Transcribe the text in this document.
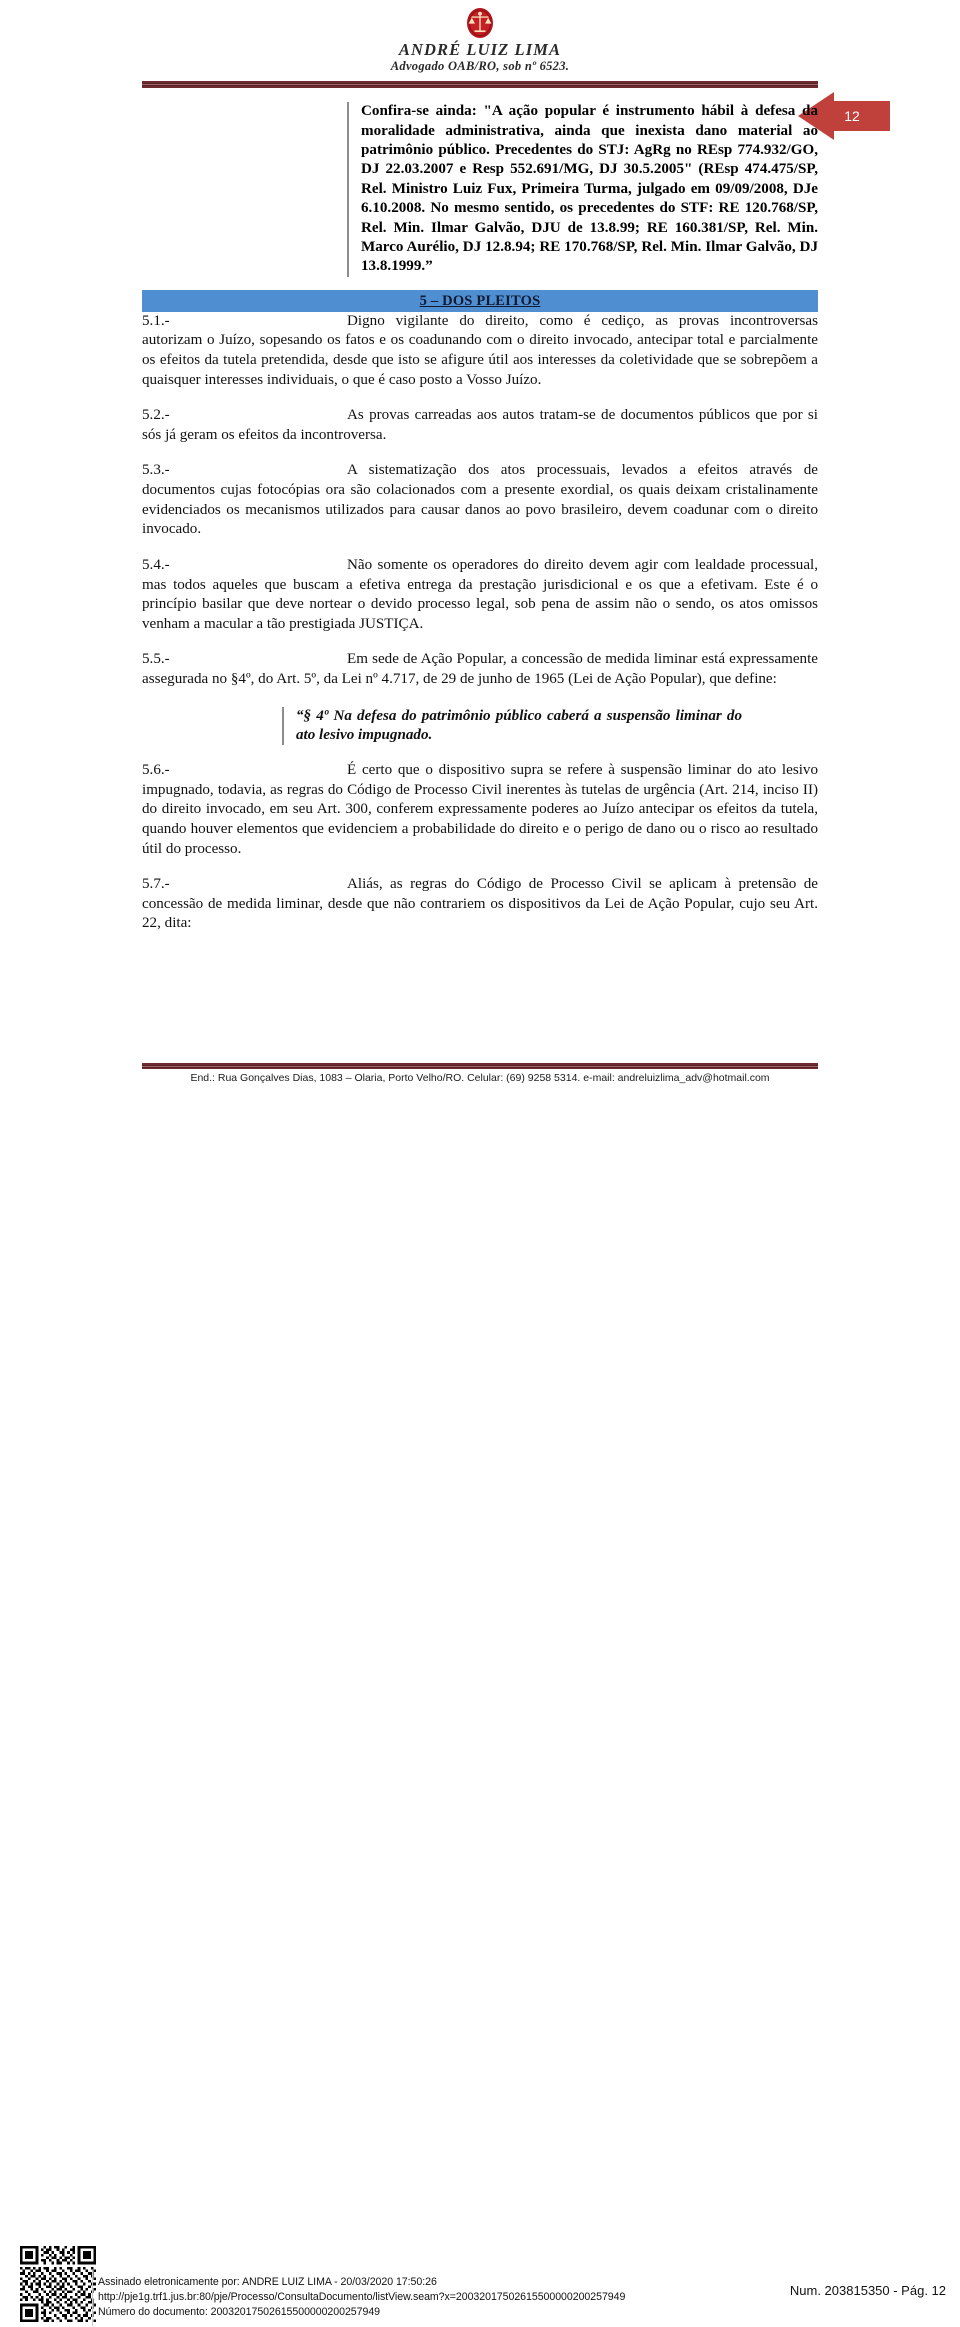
ANDRÉ LUIZ LIMA
Advogado OAB/RO, sob nº 6523.
12
Confira-se ainda: "A ação popular é instrumento hábil à defesa da moralidade administrativa, ainda que inexista dano material ao patrimônio público. Precedentes do STJ: AgRg no REsp 774.932/GO, DJ 22.03.2007 e Resp 552.691/MG, DJ 30.5.2005" (REsp 474.475/SP, Rel. Ministro Luiz Fux, Primeira Turma, julgado em 09/09/2008, DJe 6.10.2008. No mesmo sentido, os precedentes do STF: RE 120.768/SP, Rel. Min. Ilmar Galvão, DJU de 13.8.99; RE 160.381/SP, Rel. Min. Marco Aurélio, DJ 12.8.94; RE 170.768/SP, Rel. Min. Ilmar Galvão, DJ 13.8.1999.”
5 – DOS PLEITOS

5.1.-	Digno vigilante do direito, como é cediço, as provas incontroversas autorizam o Juízo, sopesando os fatos e os coadunando com o direito invocado, antecipar total e parcialmente os efeitos da tutela pretendida, desde que isto se afigure útil aos interesses da coletividade que se sobrepõem a quaisquer interesses individuais, o que é caso posto a Vosso Juízo.

5.2.-	As provas carreadas aos autos tratam-se de documentos públicos que por si sós já geram os efeitos da incontroversa.

5.3.-	A sistematização dos atos processuais, levados a efeitos através de documentos cujas fotocópias ora são colacionados com a presente exordial, os quais deixam cristalinamente evidenciados os mecanismos utilizados para causar danos ao povo brasileiro, devem coadunar com o direito invocado.

5.4.-	Não somente os operadores do direito devem agir com lealdade processual, mas todos aqueles que buscam a efetiva entrega da prestação jurisdicional e os que a efetivam. Este é o princípio basilar que deve nortear o devido processo legal, sob pena de assim não o sendo, os atos omissos venham a macular a tão prestigiada JUSTIÇA.

5.5.-	Em sede de Ação Popular, a concessão de medida liminar está expressamente assegurada no §4º, do Art. 5º, da Lei nº 4.717, de 29 de junho de 1965 (Lei de Ação Popular), que define:

“§ 4º Na defesa do patrimônio público caberá a suspensão liminar do ato lesivo impugnado.

5.6.-	É certo que o dispositivo supra se refere à suspensão liminar do ato lesivo impugnado, todavia, as regras do Código de Processo Civil inerentes às tutelas de urgência (Art. 214, inciso II) do direito invocado, em seu Art. 300, conferem expressamente poderes ao Juízo antecipar os efeitos da tutela, quando houver elementos que evidenciem a probabilidade do direito e o perigo de dano ou o risco ao resultado útil do processo.

5.7.-	Aliás, as regras do Código de Processo Civil se aplicam à pretensão de concessão de medida liminar, desde que não contrariem os dispositivos da Lei de Ação Popular, cujo seu Art. 22, dita:

End.: Rua Gonçalves Dias, 1083 – Olaria, Porto Velho/RO. Celular: (69) 9258 5314. e-mail: andreluizlima_adv@hotmail.com
Assinado eletronicamente por: ANDRE LUIZ LIMA - 20/03/2020 17:50:26
http://pje1g.trf1.jus.br:80/pje/Processo/ConsultaDocumento/listView.seam?x=20032017502615500000200257949
Número do documento: 20032017502615500000200257949
Num. 203815350 - Pág. 12
